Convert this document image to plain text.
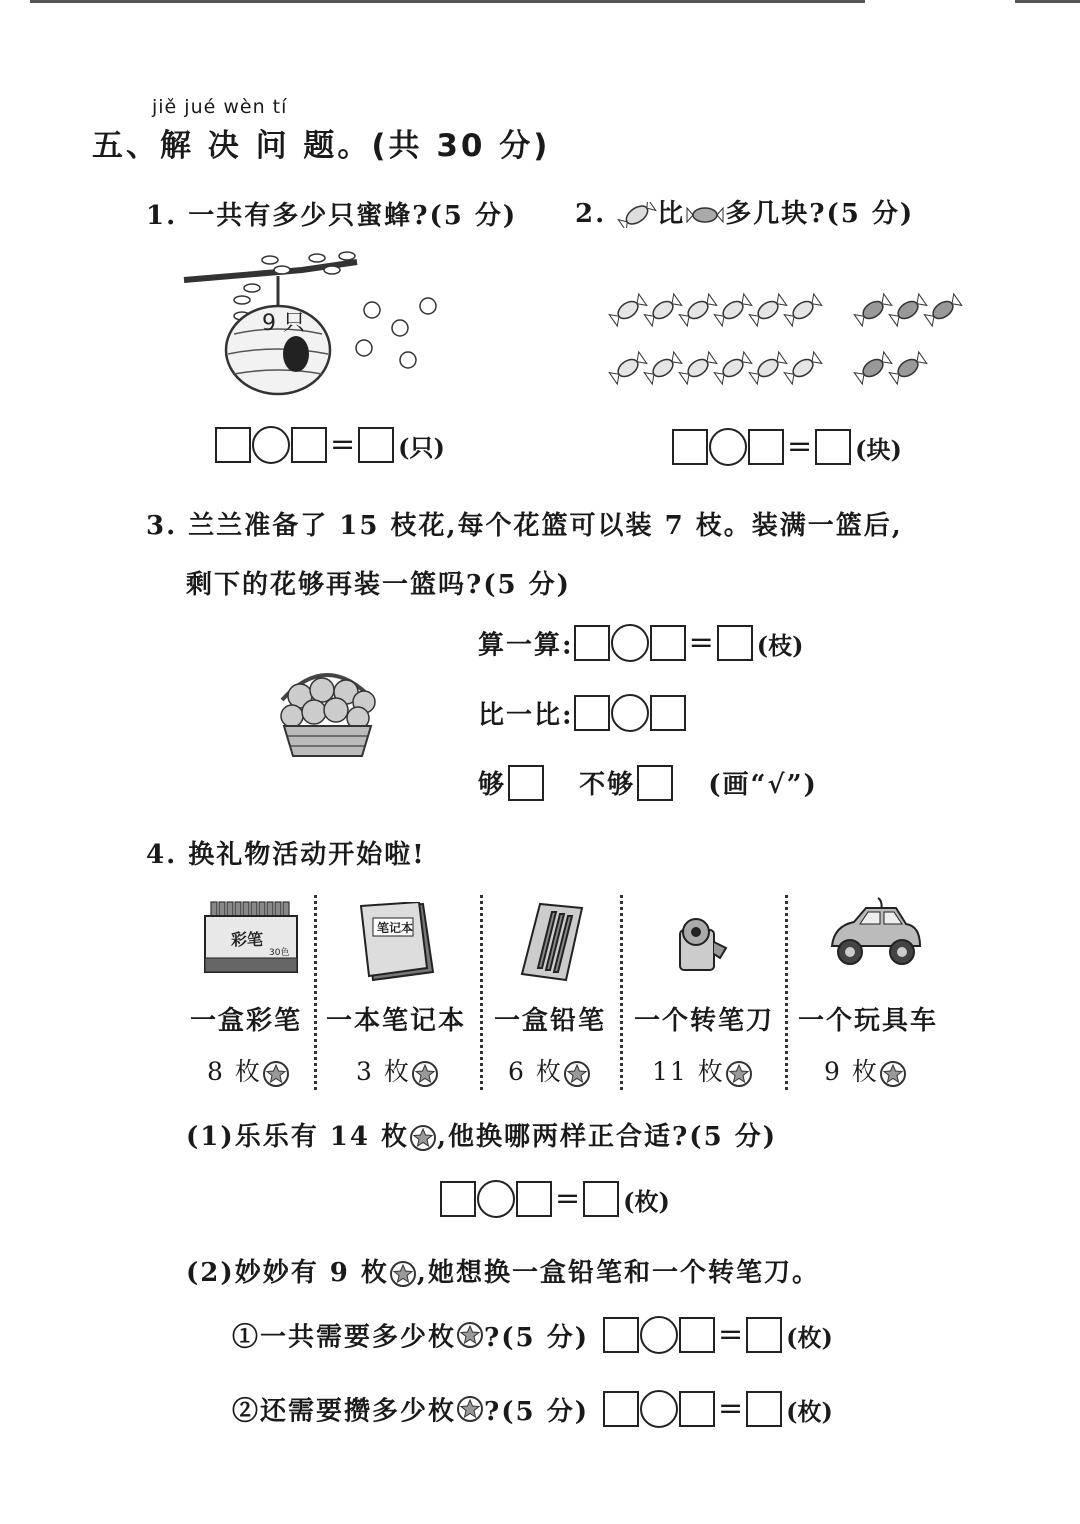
jiě jué wèn tí
五、解 决 问 题。(共 30 分)
1. 一共有多少只蜜蜂?(5 分)
9 只
= (只)
2. 比 多几块?(5 分)
= (块)
3. 兰兰准备了 15 枝花,每个花篮可以装 7 枝。装满一篮后,
剩下的花够再装一篮吗?(5 分)
算一算:	= (枝)
比一比:
够	不够	(画“√”)
4. 换礼物活动开始啦!
彩笔
30色
笔记本
一盒彩笔 一本笔记本 一盒铅笔 一个转笔刀 一个玩具车
8 枚	3 枚	6 枚	11 枚	9 枚
(1)乐乐有 14 枚 ,他换哪两样正合适?(5 分)
= (枚)
(2)妙妙有 9 枚 ,她想换一盒铅笔和一个转笔刀。
①一共需要多少枚 ?(5 分)	= (枚)
②还需要攒多少枚 ?(5 分)	= (枚)
